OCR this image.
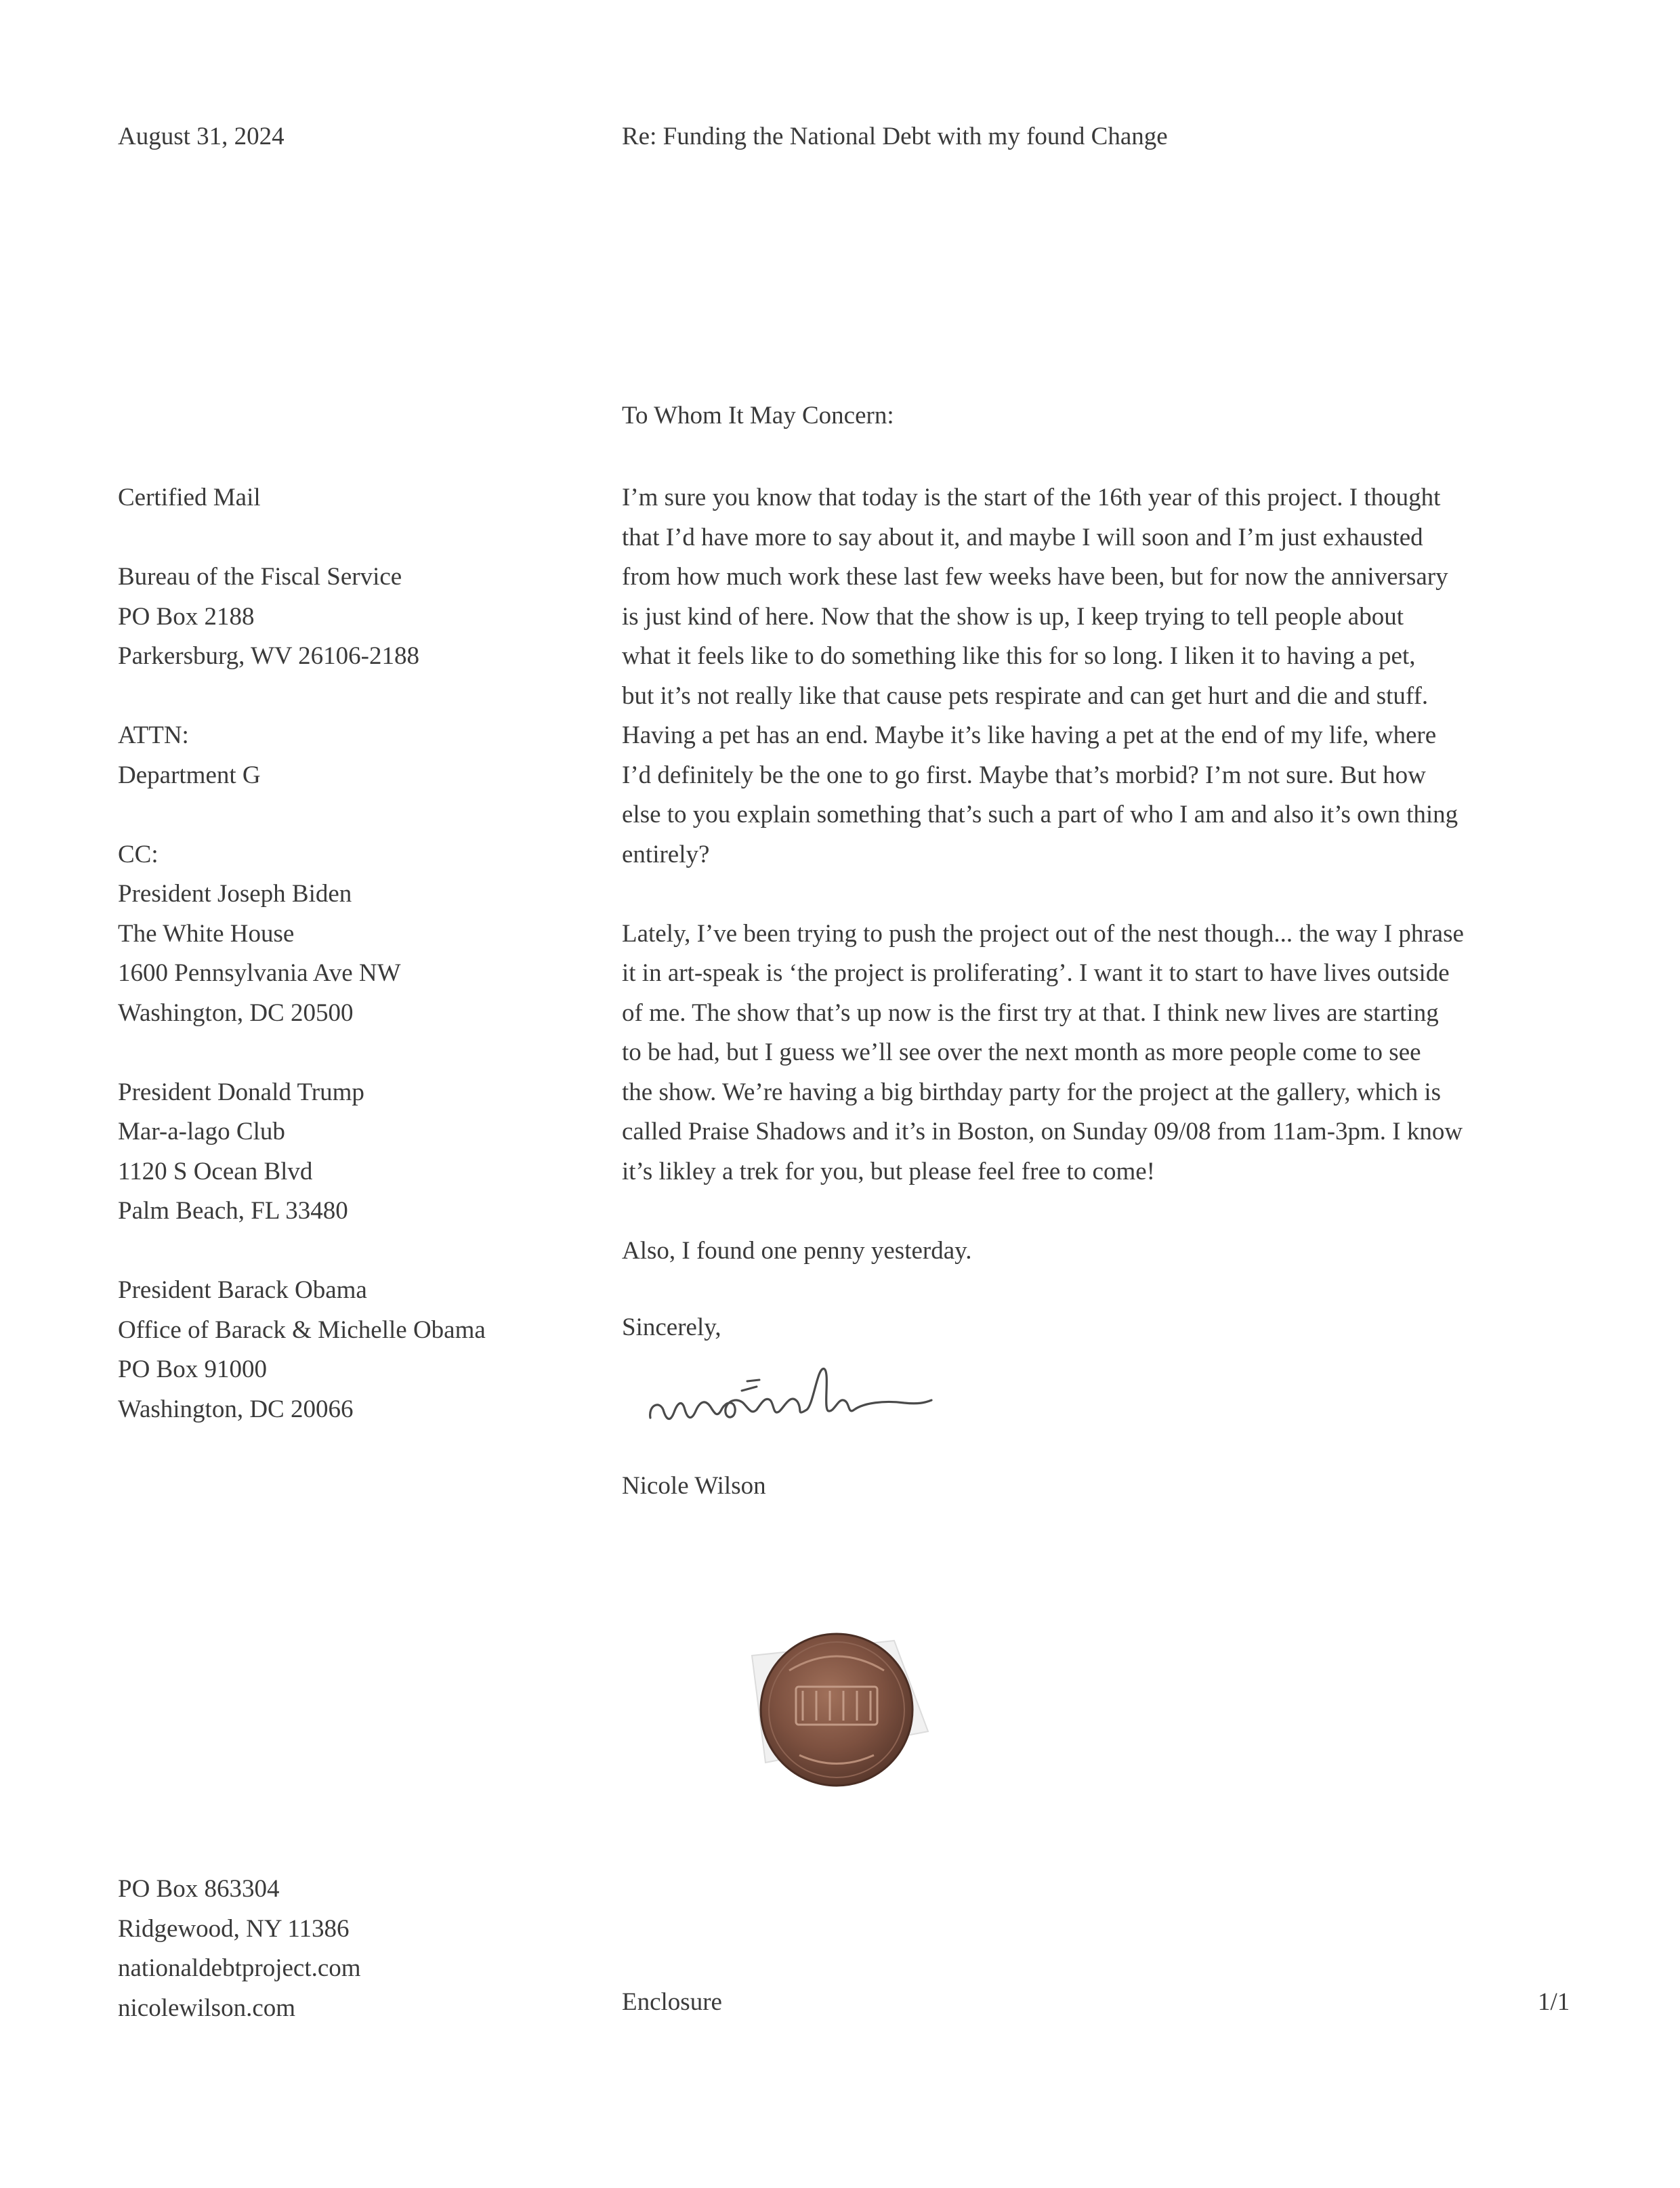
August 31, 2024	Re: Funding the National Debt with my found Change
Certified Mail
Bureau of the Fiscal Service
PO Box 2188
Parkersburg, WV 26106-2188
ATTN:
Department G
CC:
President Joseph Biden
The White House
1600 Pennsylvania Ave NW
Washington, DC 20500
President Donald Trump
Mar-a-lago Club
1120 S Ocean Blvd
Palm Beach, FL 33480
President Barack Obama
Office of Barack & Michelle Obama
PO Box 91000
Washington, DC 20066
To Whom It May Concern:
I’m sure you know that today is the start of the 16th year of this project. I thought
that I’d have more to say about it, and maybe I will soon and I’m just exhausted
from how much work these last few weeks have been, but for now the anniversary
is just kind of here. Now that the show is up, I keep trying to tell people about
what it feels like to do something like this for so long. I liken it to having a pet,
but it’s not really like that cause pets respirate and can get hurt and die and stuff.
Having a pet has an end. Maybe it’s like having a pet at the end of my life, where
I’d definitely be the one to go first. Maybe that’s morbid? I’m not sure. But how
else to you explain something that’s such a part of who I am and also it’s own thing
entirely?
Lately, I’ve been trying to push the project out of the nest though... the way I phrase
it in art-speak is ‘the project is proliferating’. I want it to start to have lives outside
of me. The show that’s up now is the first try at that. I think new lives are starting
to be had, but I guess we’ll see over the next month as more people come to see
the show. We’re having a big birthday party for the project at the gallery, which is
called Praise Shadows and it’s in Boston, on Sunday 09/08 from 11am-3pm. I know
it’s likley a trek for you, but please feel free to come!
Also, I found one penny yesterday.
Sincerely,
Nicole Wilson
PO Box 863304
Ridgewood, NY 11386
nationaldebtproject.com
nicolewilson.com	Enclosure	1/1
